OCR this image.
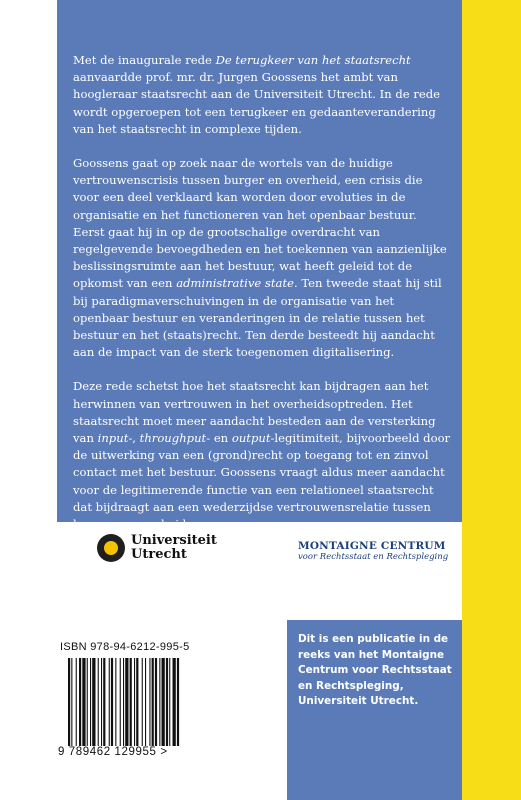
Met de inaugurale rede De terugkeer van het staatsrecht aanvaardde prof. mr. dr. Jurgen Goossens het ambt van hoogleraar staatsrecht aan de Universiteit Utrecht. In de rede wordt opgeroepen tot een terugkeer en gedaanteverandering van het staatsrecht in complexe tijden.

Goossens gaat op zoek naar de wortels van de huidige vertrouwenscrisis tussen burger en overheid, een crisis die voor een deel verklaard kan worden door evoluties in de organisatie en het functioneren van het openbaar bestuur. Eerst gaat hij in op de grootschalige overdracht van regelgevende bevoegdheden en het toekennen van aanzienlijke beslissingsruimte aan het bestuur, wat heeft geleid tot de opkomst van een administrative state. Ten tweede staat hij stil bij paradigmaverschuivingen in de organisatie van het openbaar bestuur en veranderingen in de relatie tussen het bestuur en het (staats)recht. Ten derde besteedt hij aandacht aan de impact van de sterk toegenomen digitalisering.

Deze rede schetst hoe het staatsrecht kan bijdragen aan het herwinnen van vertrouwen in het overheidsoptreden. Het staatsrecht moet meer aandacht besteden aan de versterking van input-, throughput- en output-legitimiteit, bijvoorbeeld door de uitwerking van een (grond)recht op toegang tot en zinvol contact met het bestuur. Goossens vraagt aldus meer aandacht voor de legitimerende functie van een relationeel staatsrecht dat bijdraagt aan een wederzijdse vertrouwensrelatie tussen burger en overheid.

Universiteit
Utrecht
MONTAIGNE CENTRUM
voor Rechtsstaat en Rechtspleging
Dit is een publicatie in de reeks van het Montaigne Centrum voor Rechtsstaat en Rechtspleging, Universiteit Utrecht.
ISBN 978-94-6212-995-5
9 789462 129955 >
